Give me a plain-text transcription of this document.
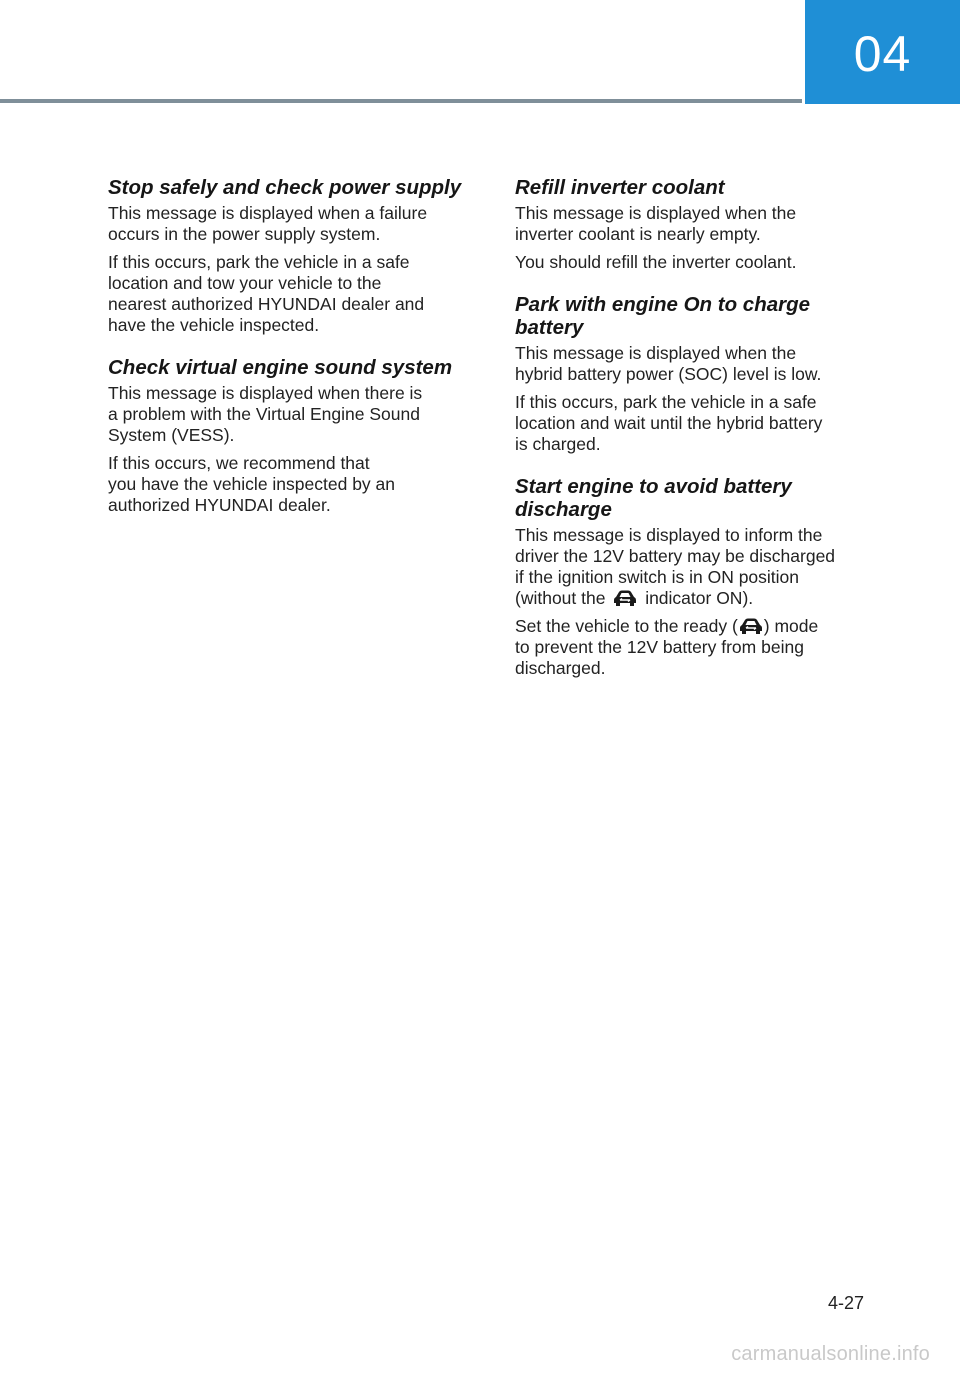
04
Stop safely and check power supply

This message is displayed when a failure
occurs in the power supply system.

If this occurs, park the vehicle in a safe
location and tow your vehicle to the
nearest authorized HYUNDAI dealer and
have the vehicle inspected.

Check virtual engine sound system

This message is displayed when there is
a problem with the Virtual Engine Sound
System (VESS).

If this occurs, we recommend that
you have the vehicle inspected by an
authorized HYUNDAI dealer.

Refill inverter coolant

This message is displayed when the
inverter coolant is nearly empty.

You should refill the inverter coolant.

Park with engine On to charge
battery

This message is displayed when the
hybrid battery power (SOC) level is low.

If this occurs, park the vehicle in a safe
location and wait until the hybrid battery
is charged.

Start engine to avoid battery
discharge

This message is displayed to inform the
driver the 12V battery may be discharged
if the ignition switch is in ON position
(without the  indicator ON).

Set the vehicle to the ready ( ) mode
to prevent the 12V battery from being
discharged.

4-27
carmanualsonline.info
